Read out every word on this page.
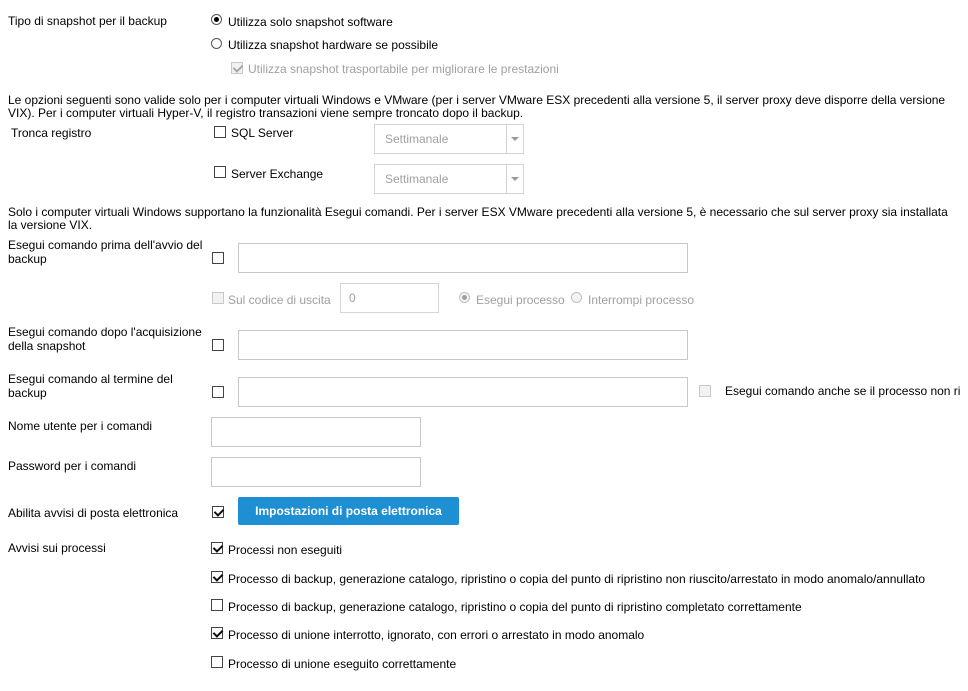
Tipo di snapshot per il backup	Utilizza solo snapshot software
Utilizza snapshot hardware se possibile
Utilizza snapshot trasportabile per migliorare le prestazioni
Le opzioni seguenti sono valide solo per i computer virtuali Windows e VMware (per i server VMware ESX precedenti alla versione 5, il server proxy deve disporre della versione VIX). Per i computer virtuali Hyper-V, il registro transazioni viene sempre troncato dopo il backup.
Tronca registro	SQL Server	Settimanale
Server Exchange	Settimanale
Solo i computer virtuali Windows supportano la funzionalità Esegui comandi. Per i server ESX VMware precedenti alla versione 5, è necessario che sul server proxy sia installata la versione VIX.
Esegui comando prima dell'avvio del
backup
Sul codice di uscita
0	Esegui processo Interrompi processo
Esegui comando dopo l'acquisizione
della snapshot
Esegui comando al termine del
backup	Esegui comando anche se il processo non ri
Nome utente per i comandi
Password per i comandi
Abilita avvisi di posta elettronica	Impostazioni di posta elettronica
Avvisi sui processi	Processi non eseguiti
Processo di backup, generazione catalogo, ripristino o copia del punto di ripristino non riuscito/arrestato in modo anomalo/annullato
Processo di backup, generazione catalogo, ripristino o copia del punto di ripristino completato correttamente
Processo di unione interrotto, ignorato, con errori o arrestato in modo anomalo
Processo di unione eseguito correttamente
